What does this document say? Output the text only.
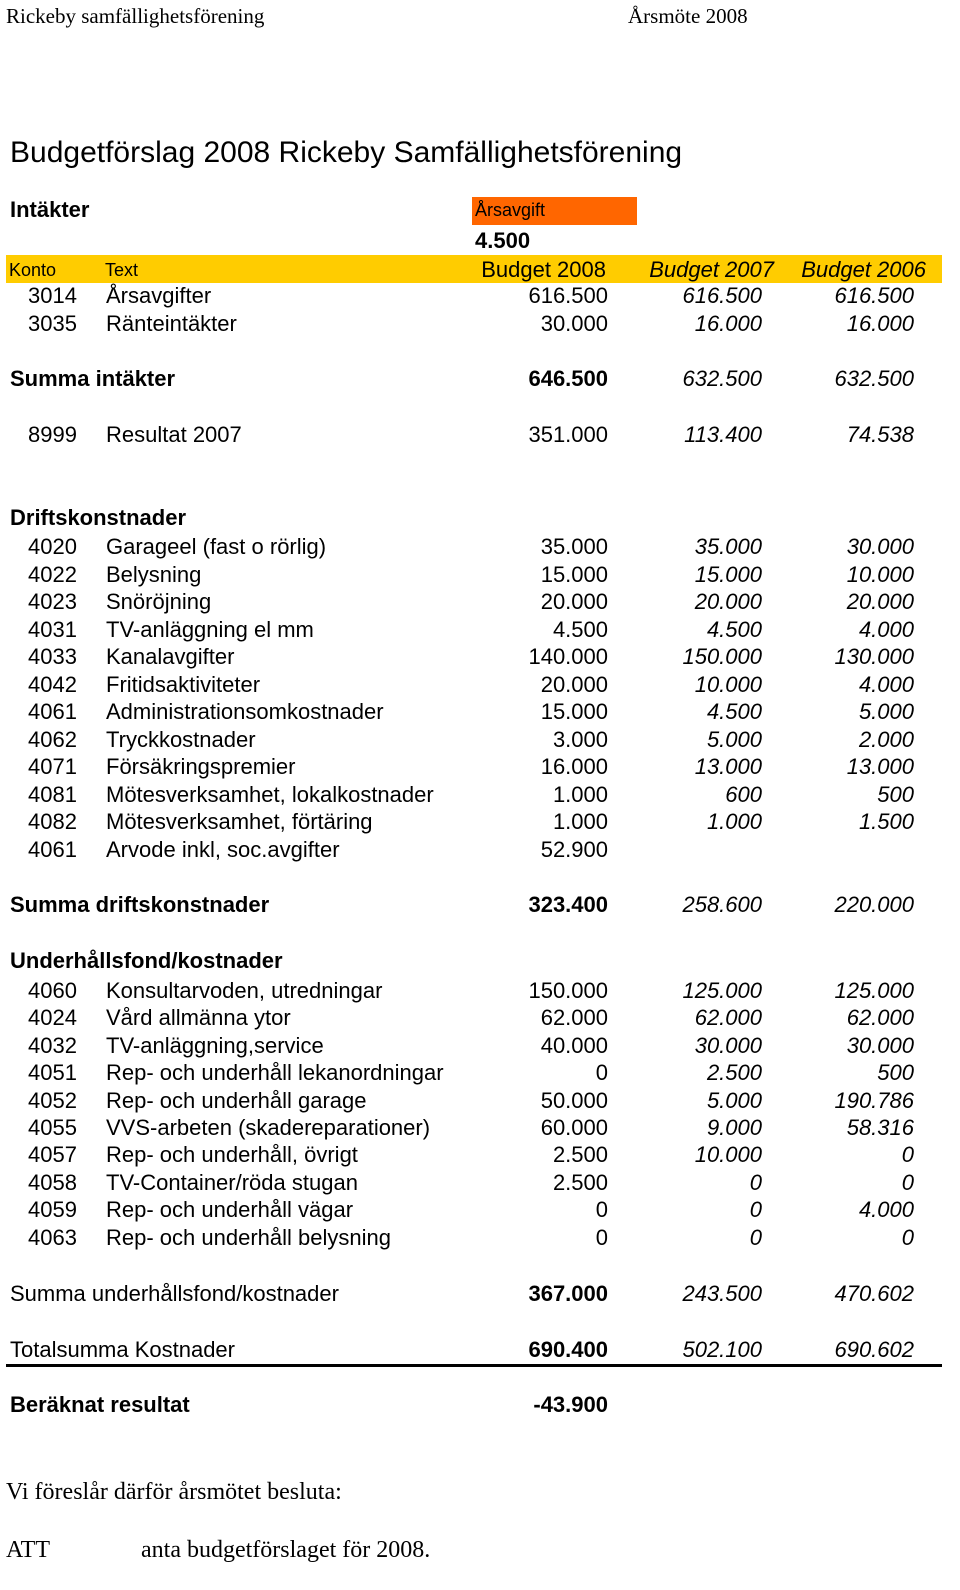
Rickeby samfällighetsförening	Årsmöte 2008
Budgetförslag 2008 Rickeby Samfällighetsförening
Intäkter	Årsavgift
4.500
Konto	Text	Budget 2008 Budget 2007 Budget 2006
3014 Årsavgifter	616.500	616.500	616.500
3035 Ränteintäkter	30.000	16.000	16.000
Summa intäkter	646.500	632.500	632.500
8999 Resultat 2007	351.000	113.400	74.538
Driftskonstnader
4020 Garageel (fast o rörlig)	35.000	35.000	30.000
4022 Belysning	15.000	15.000	10.000
4023 Snöröjning	20.000	20.000	20.000
4031 TV-anläggning el mm	4.500	4.500	4.000
4033 Kanalavgifter	140.000	150.000	130.000
4042 Fritidsaktiviteter	20.000	10.000	4.000
4061 Administrationsomkostnader	15.000	4.500	5.000
4062 Tryckkostnader	3.000	5.000	2.000
4071 Försäkringspremier	16.000	13.000	13.000
4081 Mötesverksamhet, lokalkostnader	1.000	600	500
4082 Mötesverksamhet, förtäring	1.000	1.000	1.500
4061 Arvode inkl, soc.avgifter	52.900
Summa driftskonstnader	323.400	258.600	220.000
Underhållsfond/kostnader
4060 Konsultarvoden, utredningar	150.000	125.000	125.000
4024 Vård allmänna ytor	62.000	62.000	62.000
4032 TV-anläggning,service	40.000	30.000	30.000
4051 Rep- och underhåll lekanordningar	0	2.500	500
4052 Rep- och underhåll garage	50.000	5.000	190.786
4055 VVS-arbeten (skadereparationer)	60.000	9.000	58.316
4057 Rep- och underhåll, övrigt	2.500	10.000	0
4058 TV-Container/röda stugan	2.500	0	0
4059 Rep- och underhåll vägar	0	0	4.000
4063 Rep- och underhåll belysning	0	0	0
Summa underhållsfond/kostnader	367.000	243.500	470.602
Totalsumma Kostnader	690.400	502.100	690.602
Beräknat resultat	-43.900
Vi föreslår därför årsmötet besluta:
ATT	anta budgetförslaget för 2008.
